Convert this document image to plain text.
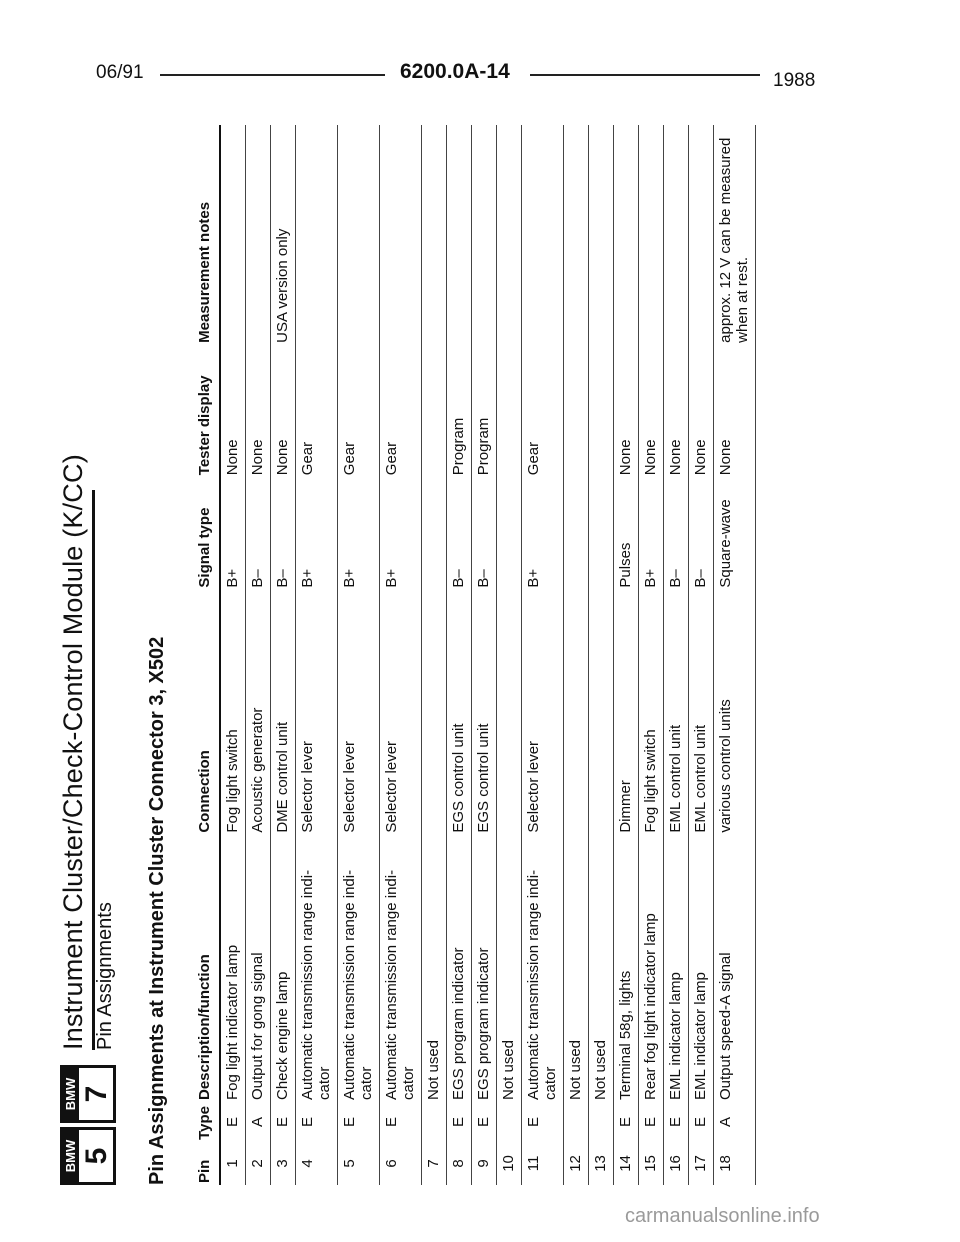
06/91	6200.0A-14	1988
BMW 5
BMW 7
Instrument Cluster/Check-Control Module (K/CC) Pin Assignments Pin Assignments at Instrument Cluster Connector 3, X502 Pin	Type	Description/function	Connection	Signal type	Tester display	Measurement notes
1	E	Fog light indicator lamp	Fog light switch	B+	None	
2	A	Output for gong signal	Acoustic generator	B–	None	
3	E	Check engine lamp	DME control unit	B–	None	USA version only
4	E	Automatic transmission range indi-cator	Selector lever	B+	Gear	
5	E	Automatic transmission range indi-cator	Selector lever	B+	Gear	
6	E	Automatic transmission range indi-cator	Selector lever	B+	Gear	
7		Not used				
8	E	EGS program indicator	EGS control unit	B–	Program	
9	E	EGS program indicator	EGS control unit	B–	Program	
10		Not used				
11	E	Automatic transmission range indi-cator	Selector lever	B+	Gear	
12		Not used				
13		Not used				
14	E	Terminal 58g, lights	Dimmer	Pulses	None	
15	E	Rear fog light indicator lamp	Fog light switch	B+	None	
16	E	EML indicator lamp	EML control unit	B–	None	
17	E	EML indicator lamp	EML control unit	B–	None	
18	A	Output speed-A signal	various control units	Square-wave	None	approx. 12 V can be measured when at rest.
carmanualsonline.info
